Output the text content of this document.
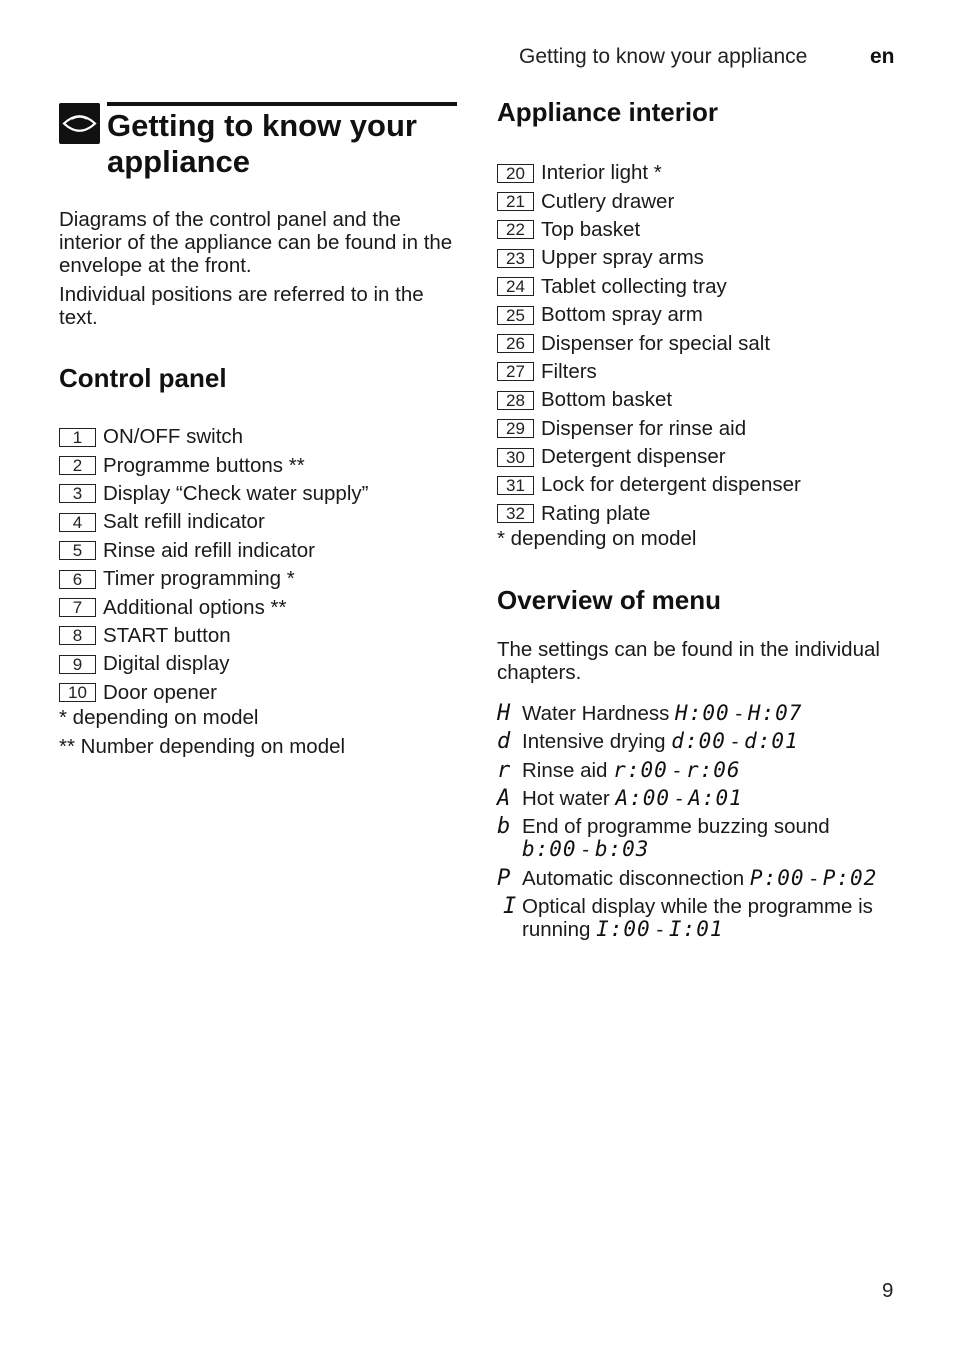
Getting to know your appliance	en
Getting to know your appliance
Diagrams of the control panel and the interior of the appliance can be found in the envelope at the front.
Individual positions are referred to in the text.
Control panel
1	ON/OFF switch
2	Programme buttons **
3	Display “Check water supply”
4	Salt refill indicator
5	Rinse aid refill indicator
6	Timer programming *
7	Additional options **
8	START button
9	Digital display
10 Door opener
* depending on model
** Number depending on model
Appliance interior
20 Interior light *
21 Cutlery drawer
22 Top basket
23 Upper spray arms
24 Tablet collecting tray
25 Bottom spray arm
26 Dispenser for special salt
27 Filters
28 Bottom basket
29 Dispenser for rinse aid
30 Detergent dispenser
31 Lock for detergent dispenser
32 Rating plate
* depending on model
Overview of menu
The settings can be found in the individual chapters.
H Water Hardness H:00 - H:07
d Intensive drying d:00 - d:01
r Rinse aid r:00 - r:06
A Hot water A:00 - A:01
b End of programme buzzing sound
b:00 - b:03
P Automatic disconnection P:00 - P:02
I Optical display while the programme is running I:00 - I:01
9
